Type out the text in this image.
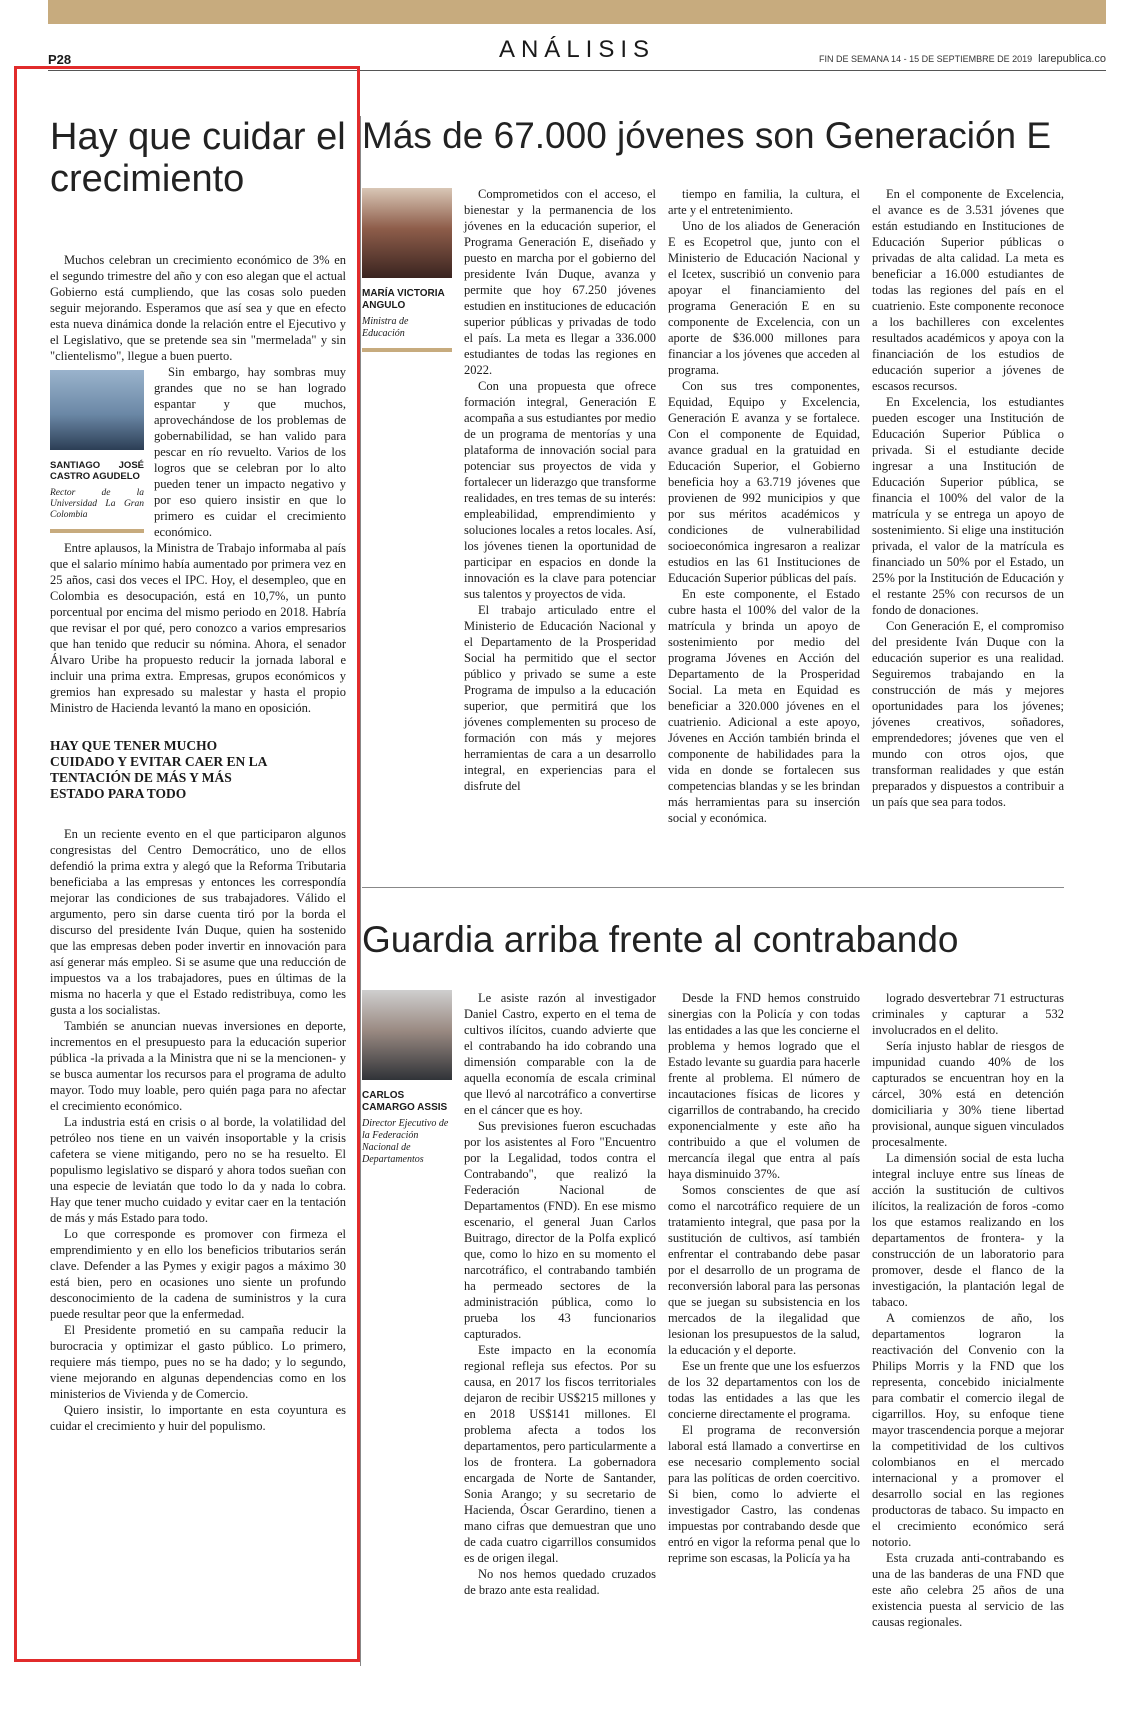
P28	ANÁLISIS	FIN DE SEMANA 14 - 15 DE SEPTIEMBRE DE 2019 larepublica.co
Hay que cuidar el crecimiento

Muchos celebran un crecimiento económico de 3% en el segundo trimestre del año y con eso alegan que el actual Gobierno está cumpliendo, que las cosas solo pueden seguir mejorando. Esperamos que así sea y que en efecto esta nueva dinámica donde la relación entre el Ejecutivo y el Legislativo, que se pretende sea sin "mermelada" y sin "clientelismo", llegue a buen puerto.

SANTIAGO JOSÉ CASTRO AGUDELO
Rector de la Universidad La Gran Colombia

Sin embargo, hay sombras muy grandes que no se han logrado espantar y que muchos, aprovechándose de los problemas de gobernabilidad, se han valido para pescar en río revuelto. Varios de los logros que se celebran por lo alto pueden tener un impacto negativo y por eso quiero insistir en que lo primero es cuidar el crecimiento económico.

Entre aplausos, la Ministra de Trabajo informaba al país que el salario mínimo había aumentado por primera vez en 25 años, casi dos veces el IPC. Hoy, el desempleo, que en Colombia es desocupación, está en 10,7%, un punto porcentual por encima del mismo periodo en 2018. Habría que revisar el por qué, pero conozco a varios empresarios que han tenido que reducir su nómina. Ahora, el senador Álvaro Uribe ha propuesto reducir la jornada laboral e incluir una prima extra. Empresas, grupos económicos y gremios han expresado su malestar y hasta el propio Ministro de Hacienda levantó la mano en oposición.

HAY QUE TENER MUCHO CUIDADO Y EVITAR CAER EN LA TENTACIÓN DE MÁS Y MÁS ESTADO PARA TODO

En un reciente evento en el que participaron algunos congresistas del Centro Democrático, uno de ellos defendió la prima extra y alegó que la Reforma Tributaria beneficiaba a las empresas y entonces les correspondía mejorar las condiciones de sus trabajadores. Válido el argumento, pero sin darse cuenta tiró por la borda el discurso del presidente Iván Duque, quien ha sostenido que las empresas deben poder invertir en innovación para así generar más empleo. Si se asume que una reducción de impuestos va a los trabajadores, pues en últimas de la misma no hacerla y que el Estado redistribuya, como les gusta a los socialistas.

También se anuncian nuevas inversiones en deporte, incrementos en el presupuesto para la educación superior pública -la privada a la Ministra que ni se la mencionen- y se busca aumentar los recursos para el programa de adulto mayor. Todo muy loable, pero quién paga para no afectar el crecimiento económico.

La industria está en crisis o al borde, la volatilidad del petróleo nos tiene en un vaivén insoportable y la crisis cafetera se viene mitigando, pero no se ha resuelto. El populismo legislativo se disparó y ahora todos sueñan con una especie de leviatán que todo lo da y nada lo cobra. Hay que tener mucho cuidado y evitar caer en la tentación de más y más Estado para todo.

Lo que corresponde es promover con firmeza el emprendimiento y en ello los beneficios tributarios serán clave. Defender a las Pymes y exigir pagos a máximo 30 está bien, pero en ocasiones uno siente un profundo desconocimiento de la cadena de suministros y la cura puede resultar peor que la enfermedad.

El Presidente prometió en su campaña reducir la burocracia y optimizar el gasto público. Lo primero, requiere más tiempo, pues no se ha dado; y lo segundo, viene mejorando en algunas dependencias como en los ministerios de Vivienda y de Comercio.

Quiero insistir, lo importante en esta coyuntura es cuidar el crecimiento y huir del populismo.

Más de 67.000 jóvenes son Generación E
MARÍA VICTORIA ANGULO
Ministra de Educación

Comprometidos con el acceso, el bienestar y la permanencia de los jóvenes en la educación superior, el Programa Generación E, diseñado y puesto en marcha por el gobierno del presidente Iván Duque, avanza y permite que hoy 67.250 jóvenes estudien en instituciones de educación superior públicas y privadas de todo el país. La meta es llegar a 336.000 estudiantes de todas las regiones en 2022.

Con una propuesta que ofrece formación integral, Generación E acompaña a sus estudiantes por medio de un programa de mentorías y una plataforma de innovación social para potenciar sus proyectos de vida y fortalecer un liderazgo que transforme realidades, en tres temas de su interés: empleabilidad, emprendimiento y soluciones locales a retos locales. Así, los jóvenes tienen la oportunidad de participar en espacios en donde la innovación es la clave para potenciar sus talentos y proyectos de vida.

El trabajo articulado entre el Ministerio de Educación Nacional y el Departamento de la Prosperidad Social ha permitido que el sector público y privado se sume a este Programa de impulso a la educación superior, que permitirá que los jóvenes complementen su proceso de formación con más y mejores herramientas de cara a un desarrollo integral, en experiencias para el disfrute del

tiempo en familia, la cultura, el arte y el entretenimiento.

Uno de los aliados de Generación E es Ecopetrol que, junto con el Ministerio de Educación Nacional y el Icetex, suscribió un convenio para apoyar el financiamiento del programa Generación E en su componente de Excelencia, con un aporte de $36.000 millones para financiar a los jóvenes que acceden al programa.

Con sus tres componentes, Equidad, Equipo y Excelencia, Generación E avanza y se fortalece. Con el componente de Equidad, avance gradual en la gratuidad en Educación Superior, el Gobierno beneficia hoy a 63.719 jóvenes que provienen de 992 municipios y que por sus méritos académicos y condiciones de vulnerabilidad socioeconómica ingresaron a realizar estudios en las 61 Instituciones de Educación Superior públicas del país.

En este componente, el Estado cubre hasta el 100% del valor de la matrícula y brinda un apoyo de sostenimiento por medio del programa Jóvenes en Acción del Departamento de la Prosperidad Social. La meta en Equidad es beneficiar a 320.000 jóvenes en el cuatrienio. Adicional a este apoyo, Jóvenes en Acción también brinda el componente de habilidades para la vida en donde se fortalecen sus competencias blandas y se les brindan más herramientas para su inserción social y económica.

En el componente de Excelencia, el avance es de 3.531 jóvenes que están estudiando en Instituciones de Educación Superior públicas o privadas de alta calidad. La meta es beneficiar a 16.000 estudiantes de todas las regiones del país en el cuatrienio. Este componente reconoce a los bachilleres con excelentes resultados académicos y apoya con la financiación de los estudios de educación superior a jóvenes de escasos recursos.

En Excelencia, los estudiantes pueden escoger una Institución de Educación Superior Pública o privada. Si el estudiante decide ingresar a una Institución de Educación Superior pública, se financia el 100% del valor de la matrícula y se entrega un apoyo de sostenimiento. Si elige una institución privada, el valor de la matrícula es financiado un 50% por el Estado, un 25% por la Institución de Educación y el restante 25% con recursos de un fondo de donaciones.

Con Generación E, el compromiso del presidente Iván Duque con la educación superior es una realidad. Seguiremos trabajando en la construcción de más y mejores oportunidades para los jóvenes; jóvenes creativos, soñadores, emprendedores; jóvenes que ven el mundo con otros ojos, que transforman realidades y que están preparados y dispuestos a contribuir a un país que sea para todos.

Guardia arriba frente al contrabando
CARLOS CAMARGO ASSIS
Director Ejecutivo de la Federación Nacional de Departamentos

Le asiste razón al investigador Daniel Castro, experto en el tema de cultivos ilícitos, cuando advierte que el contrabando ha ido cobrando una dimensión comparable con la de aquella economía de escala criminal que llevó al narcotráfico a convertirse en el cáncer que es hoy.

Sus previsiones fueron escuchadas por los asistentes al Foro "Encuentro por la Legalidad, todos contra el Contrabando", que realizó la Federación Nacional de Departamentos (FND). En ese mismo escenario, el general Juan Carlos Buitrago, director de la Polfa explicó que, como lo hizo en su momento el narcotráfico, el contrabando también ha permeado sectores de la administración pública, como lo prueba los 43 funcionarios capturados.

Este impacto en la economía regional refleja sus efectos. Por su causa, en 2017 los fiscos territoriales dejaron de recibir US$215 millones y en 2018 US$141 millones. El problema afecta a todos los departamentos, pero particularmente a los de frontera. La gobernadora encargada de Norte de Santander, Sonia Arango; y su secretario de Hacienda, Óscar Gerardino, tienen a mano cifras que demuestran que uno de cada cuatro cigarrillos consumidos es de origen ilegal.

No nos hemos quedado cruzados de brazo ante esta realidad.

Desde la FND hemos construido sinergias con la Policía y con todas las entidades a las que les concierne el problema y hemos logrado que el Estado levante su guardia para hacerle frente al problema. El número de incautaciones físicas de licores y cigarrillos de contrabando, ha crecido exponencialmente y este año ha contribuido a que el volumen de mercancía ilegal que entra al país haya disminuido 37%.

Somos conscientes de que así como el narcotráfico requiere de un tratamiento integral, que pasa por la sustitución de cultivos, así también enfrentar el contrabando debe pasar por el desarrollo de un programa de reconversión laboral para las personas que se juegan su subsistencia en los mercados de la ilegalidad que lesionan los presupuestos de la salud, la educación y el deporte.

Ese un frente que une los esfuerzos de los 32 departamentos con los de todas las entidades a las que les concierne directamente el programa.

El programa de reconversión laboral está llamado a convertirse en ese necesario complemento social para las políticas de orden coercitivo. Si bien, como lo advierte el investigador Castro, las condenas impuestas por contrabando desde que entró en vigor la reforma penal que lo reprime son escasas, la Policía ya ha

logrado desvertebrar 71 estructuras criminales y capturar a 532 involucrados en el delito.

Sería injusto hablar de riesgos de impunidad cuando 40% de los capturados se encuentran hoy en la cárcel, 30% está en detención domiciliaria y 30% tiene libertad provisional, aunque siguen vinculados procesalmente.

La dimensión social de esta lucha integral incluye entre sus líneas de acción la sustitución de cultivos ilícitos, la realización de foros -como los que estamos realizando en los departamentos de frontera- y la construcción de un laboratorio para promover, desde el flanco de la investigación, la plantación legal de tabaco.

A comienzos de año, los departamentos lograron la reactivación del Convenio con la Philips Morris y la FND que los representa, concebido inicialmente para combatir el comercio ilegal de cigarrillos. Hoy, su enfoque tiene mayor trascendencia porque a mejorar la competitividad de los cultivos colombianos en el mercado internacional y a promover el desarrollo social en las regiones productoras de tabaco. Su impacto en el crecimiento económico será notorio.

Esta cruzada anti-contrabando es una de las banderas de una FND que este año celebra 25 años de una existencia puesta al servicio de las causas regionales.
